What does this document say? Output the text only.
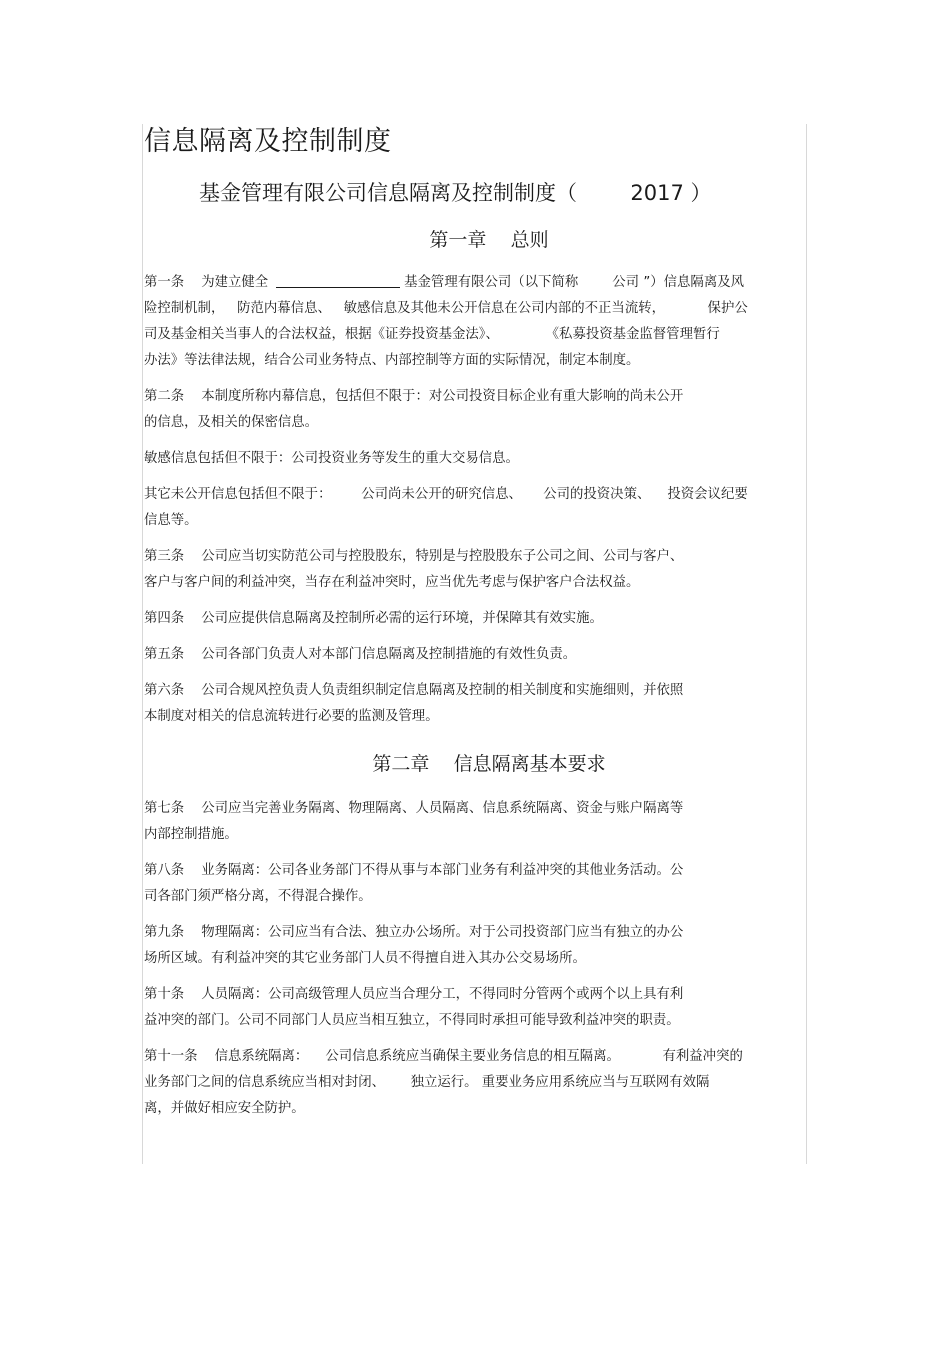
信息隔离及控制制度
基金管理有限公司信息隔离及控制制度（        2017 ）
第一章    总则

第一条    为建立健全	基金管理有限公司（以下简称        公司 ”）信息隔离及风
险控制机制，   防范内幕信息、   敏感信息及其他未公开信息在公司内部的不正当流转，          保护公
司及基金相关当事人的合法权益，根据《证券投资基金法》、           《私募投资基金监督管理暂行
办法》等法律法规，结合公司业务特点、内部控制等方面的实际情况，制定本制度。

第二条    本制度所称内幕信息，包括但不限于：对公司投资目标企业有重大影响的尚未公开
的信息，及相关的保密信息。

敏感信息包括但不限于：公司投资业务等发生的重大交易信息。

其它未公开信息包括但不限于：       公司尚未公开的研究信息、     公司的投资决策、    投资会议纪要
信息等。

第三条    公司应当切实防范公司与控股股东，特别是与控股股东子公司之间、公司与客户、
客户与客户间的利益冲突，当存在利益冲突时，应当优先考虑与保护客户合法权益。

第四条    公司应提供信息隔离及控制所必需的运行环境，并保障其有效实施。

第五条    公司各部门负责人对本部门信息隔离及控制措施的有效性负责。

第六条    公司合规风控负责人负责组织制定信息隔离及控制的相关制度和实施细则，并依照
本制度对相关的信息流转进行必要的监测及管理。

第二章    信息隔离基本要求

第七条    公司应当完善业务隔离、物理隔离、人员隔离、信息系统隔离、资金与账户隔离等
内部控制措施。

第八条    业务隔离：公司各业务部门不得从事与本部门业务有利益冲突的其他业务活动。公
司各部门须严格分离，不得混合操作。

第九条    物理隔离：公司应当有合法、独立办公场所。对于公司投资部门应当有独立的办公
场所区域。有利益冲突的其它业务部门人员不得擅自进入其办公交易场所。

第十条    人员隔离：公司高级管理人员应当合理分工，不得同时分管两个或两个以上具有利
益冲突的部门。公司不同部门人员应当相互独立，不得同时承担可能导致利益冲突的职责。

第十一条    信息系统隔离：    公司信息系统应当确保主要业务信息的相互隔离。          有利益冲突的
业务部门之间的信息系统应当相对封闭、      独立运行。 重要业务应用系统应当与互联网有效隔
离，并做好相应安全防护。
